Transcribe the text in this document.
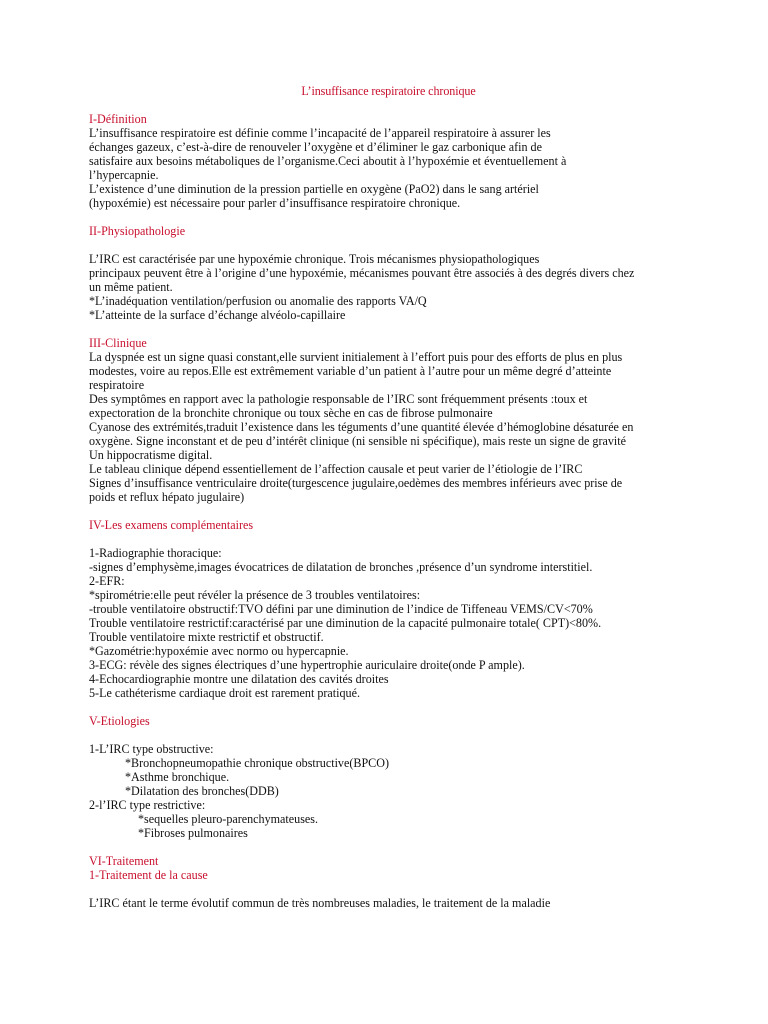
L’insuffisance respiratoire chronique
I-Définition
L’insuffisance respiratoire est définie comme l’incapacité de l’appareil respiratoire à assurer les
échanges gazeux, c’est-à-dire de renouveler l’oxygène et d’éliminer le gaz carbonique afin de
satisfaire aux besoins métaboliques de l’organisme.Ceci aboutit à l’hypoxémie et éventuellement à
l’hypercapnie.
L’existence d’une diminution de la pression partielle en oxygène (PaO2) dans le sang artériel
(hypoxémie) est nécessaire pour parler d’insuffisance respiratoire chronique.
II-Physiopathologie
L’IRC est caractérisée par une hypoxémie chronique. Trois mécanismes physiopathologiques
principaux peuvent être à l’origine d’une hypoxémie, mécanismes pouvant être associés à des degrés divers chez
un même patient.
*L’inadéquation ventilation/perfusion ou anomalie des rapports VA/Q
*L’atteinte de la surface d’échange alvéolo-capillaire
III-Clinique
La dyspnée est un signe quasi constant,elle survient initialement à l’effort puis pour des efforts de plus en plus
modestes, voire au repos.Elle est extrêmement variable d’un patient à l’autre pour un même degré d’atteinte
respiratoire
Des symptômes en rapport avec la pathologie responsable de l’IRC sont fréquemment présents :toux et
expectoration de la bronchite chronique ou toux sèche en cas de fibrose pulmonaire
Cyanose des extrémités,traduit l’existence dans les téguments d’une quantité élevée d’hémoglobine désaturée en
oxygène. Signe inconstant et de peu d’intérêt clinique (ni sensible ni spécifique), mais reste un signe de gravité
Un hippocratisme digital.
Le tableau clinique dépend essentiellement de l’affection causale et peut varier de l’étiologie de l’IRC
Signes d’insuffisance ventriculaire droite(turgescence jugulaire,oedèmes des membres inférieurs avec prise de
poids et reflux hépato jugulaire)
IV-Les examens complémentaires
1-Radiographie thoracique:
-signes d’emphysème,images évocatrices de dilatation de bronches ,présence d’un syndrome interstitiel.
2-EFR:
*spirométrie:elle peut révéler la présence de 3 troubles ventilatoires:
-trouble ventilatoire obstructif:TVO défini par une diminution de l’indice de Tiffeneau VEMS/CV<70%
Trouble ventilatoire restrictif:caractérisé par une diminution de la capacité pulmonaire totale( CPT)<80%.
Trouble ventilatoire mixte restrictif et obstructif.
*Gazométrie:hypoxémie avec normo ou hypercapnie.
3-ECG: révèle des signes électriques d’une hypertrophie auriculaire droite(onde P ample).
4-Echocardiographie montre une dilatation des cavités droites
5-Le cathéterisme cardiaque droit est rarement pratiqué.
V-Etiologies
1-L’IRC type obstructive:
*Bronchopneumopathie chronique obstructive(BPCO)
*Asthme bronchique.
*Dilatation des bronches(DDB)
2-l’IRC type restrictive:
*sequelles pleuro-parenchymateuses.
*Fibroses pulmonaires
VI-Traitement
1-Traitement de la cause
L’IRC étant le terme évolutif commun de très nombreuses maladies, le traitement de la maladie
